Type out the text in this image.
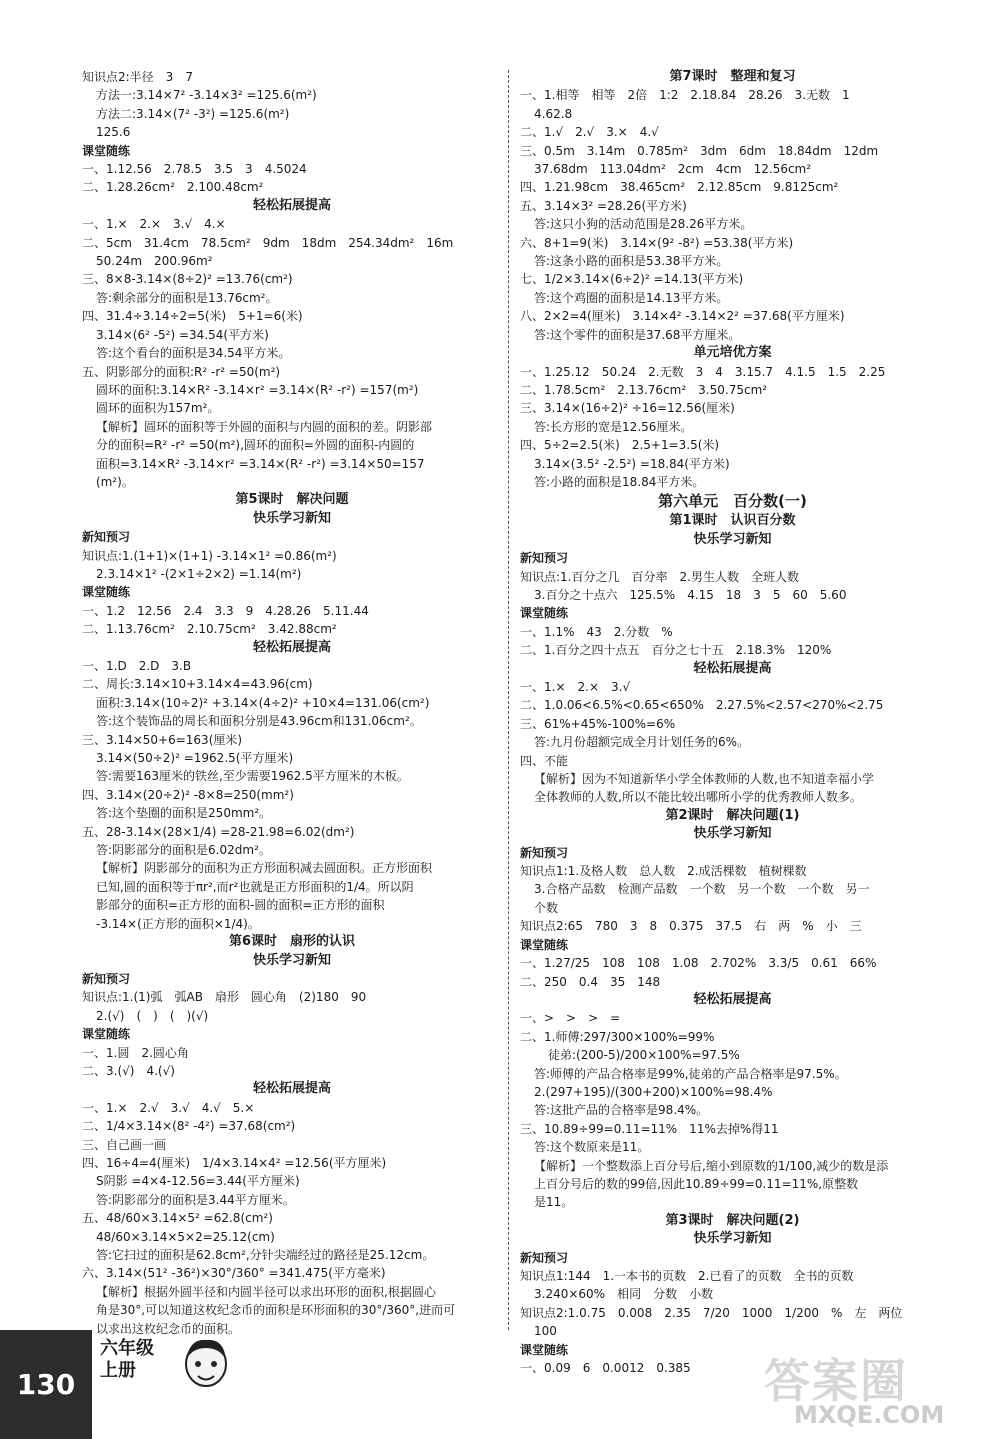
知识点2:半径　3　7
方法一:3.14×7² -3.14×3² =125.6(m²)
方法二:3.14×(7² -3²) =125.6(m²)
125.6
课堂随练
一、1.12.56　2.78.5　3.5　3　4.5024
二、1.28.26cm²　2.100.48cm²
轻松拓展提高
一、1.×　2.×　3.√　4.×
二、5cm　31.4cm　78.5cm²　9dm　18dm　254.34dm²　16m
50.24m　200.96m²
三、8×8-3.14×(8÷2)² =13.76(cm²)
答:剩余部分的面积是13.76cm²。
四、31.4÷3.14÷2=5(米)　5+1=6(米)
3.14×(6² -5²) =34.54(平方米)
答:这个看台的面积是34.54平方米。
五、阴影部分的面积:R² -r² =50(m²)
圆环的面积:3.14×R² -3.14×r² =3.14×(R² -r²) =157(m²)
圆环的面积为157m²。
【解析】圆环的面积等于外圆的面积与内圆的面积的差。阴影部
分的面积=R² -r² =50(m²),圆环的面积=外圆的面积-内圆的
面积=3.14×R² -3.14×r² =3.14×(R² -r²) =3.14×50=157
(m²)。
第5课时　解决问题
快乐学习新知
新知预习
知识点:1.(1+1)×(1+1) -3.14×1² =0.86(m²)
2.3.14×1² -(2×1÷2×2) =1.14(m²)
课堂随练
一、1.2　12.56　2.4　3.3　9　4.28.26　5.11.44
二、1.13.76cm²　2.10.75cm²　3.42.88cm²
轻松拓展提高
一、1.D　2.D　3.B
二、周长:3.14×10+3.14×4=43.96(cm)
面积:3.14×(10÷2)² +3.14×(4÷2)² +10×4=131.06(cm²)
答:这个装饰品的周长和面积分别是43.96cm和131.06cm²。
三、3.14×50+6=163(厘米)
3.14×(50÷2)² =1962.5(平方厘米)
答:需要163厘米的铁丝,至少需要1962.5平方厘米的木板。
四、3.14×(20÷2)² -8×8=250(mm²)
答:这个垫圈的面积是250mm²。
五、28-3.14×(28×1/4) =28-21.98=6.02(dm²)
答:阴影部分的面积是6.02dm²。
【解析】阴影部分的面积为正方形面积减去圆面积。正方形面积
已知,圆的面积等于πr²,而r²也就是正方形面积的1/4。所以阴
影部分的面积=正方形的面积-圆的面积=正方形的面积
-3.14×(正方形的面积×1/4)。
第6课时　扇形的认识
快乐学习新知
新知预习
知识点:1.(1)弧　弧AB　扇形　圆心角　(2)180　90
2.(√)　(　)　(　)(√)
课堂随练
一、1.圆　2.圆心角
二、3.(√)　4.(√)
轻松拓展提高
一、1.×　2.√　3.√　4.√　5.×
二、1/4×3.14×(8² -4²) =37.68(cm²)
三、自己画一画
四、16÷4=4(厘米)　1/4×3.14×4² =12.56(平方厘米)
S阴影 =4×4-12.56=3.44(平方厘米)
答:阴影部分的面积是3.44平方厘米。
五、48/60×3.14×5² =62.8(cm²)
48/60×3.14×5×2=25.12(cm)
答:它扫过的面积是62.8cm²,分针尖端经过的路径是25.12cm。
六、3.14×(51² -36²)×30°/360° =341.475(平方毫米)
【解析】根据外圆半径和内圆半径可以求出环形的面积,根据圆心
角是30°,可以知道这枚纪念币的面积是环形面积的30°/360°,进而可
以求出这枚纪念币的面积。
第7课时　整理和复习
一、1.相等　相等　2倍　1:2　2.18.84　28.26　3.无数　1
4.62.8
二、1.√　2.√　3.×　4.√
三、0.5m　3.14m　0.785m²　3dm　6dm　18.84dm　12dm
37.68dm　113.04dm²　2cm　4cm　12.56cm²
四、1.21.98cm　38.465cm²　2.12.85cm　9.8125cm²
五、3.14×3² =28.26(平方米)
答:这只小狗的活动范围是28.26平方米。
六、8+1=9(米)　3.14×(9² -8²) =53.38(平方米)
答:这条小路的面积是53.38平方米。
七、1/2×3.14×(6÷2)² =14.13(平方米)
答:这个鸡圈的面积是14.13平方米。
八、2×2=4(厘米)　3.14×4² -3.14×2² =37.68(平方厘米)
答:这个零件的面积是37.68平方厘米。
单元培优方案
一、1.25.12　50.24　2.无数　3　4　3.15.7　4.1.5　1.5　2.25
二、1.78.5cm²　2.13.76cm²　3.50.75cm²
三、3.14×(16÷2)² ÷16=12.56(厘米)
答:长方形的宽是12.56厘米。
四、5÷2=2.5(米)　2.5+1=3.5(米)
3.14×(3.5² -2.5²) =18.84(平方米)
答:小路的面积是18.84平方米。
第六单元　百分数(一)
第1课时　认识百分数
快乐学习新知
新知预习
知识点:1.百分之几　百分率　2.男生人数　全班人数
3.百分之十点六　125.5%　4.15　18　3　5　60　5.60
课堂随练
一、1.1%　43　2.分数　%
二、1.百分之四十点五　百分之七十五　2.18.3%　120%
轻松拓展提高
一、1.×　2.×　3.√
二、1.0.06<6.5%<0.65<650%　2.27.5%<2.57<270%<2.75
三、61%+45%-100%=6%
答:九月份超额完成全月计划任务的6%。
四、不能
【解析】因为不知道新华小学全体教师的人数,也不知道幸福小学
全体教师的人数,所以不能比较出哪所小学的优秀教师人数多。
第2课时　解决问题(1)
快乐学习新知
新知预习
知识点1:1.及格人数　总人数　2.成活棵数　植树棵数
3.合格产品数　检测产品数　一个数　另一个数　一个数　另一
个数
知识点2:65　780　3　8　0.375　37.5　右　两　%　小　三
课堂随练
一、1.27/25　108　108　1.08　2.702%　3.3/5　0.61　66%
二、250　0.4　35　148
轻松拓展提高
一、>　>　>　=
二、1.师傅:297/300×100%=99%
徒弟:(200-5)/200×100%=97.5%
答:师傅的产品合格率是99%,徒弟的产品合格率是97.5%。
2.(297+195)/(300+200)×100%=98.4%
答:这批产品的合格率是98.4%。
三、10.89÷99=0.11=11%　11%去掉%得11
答:这个数原来是11。
【解析】一个整数添上百分号后,缩小到原数的1/100,减少的数是添
上百分号后的数的99倍,因此10.89÷99=0.11=11%,原整数
是11。
第3课时　解决问题(2)
快乐学习新知
新知预习
知识点1:144　1.一本书的页数　2.已看了的页数　全书的页数
3.240×60%　相同　分数　小数
知识点2:1.0.75　0.008　2.35　7/20　1000　1/200　%　左　两位
100
课堂随练
一、0.09　6　0.0012　0.385
130
六年级
上册	答案圈
MXQE.COM
